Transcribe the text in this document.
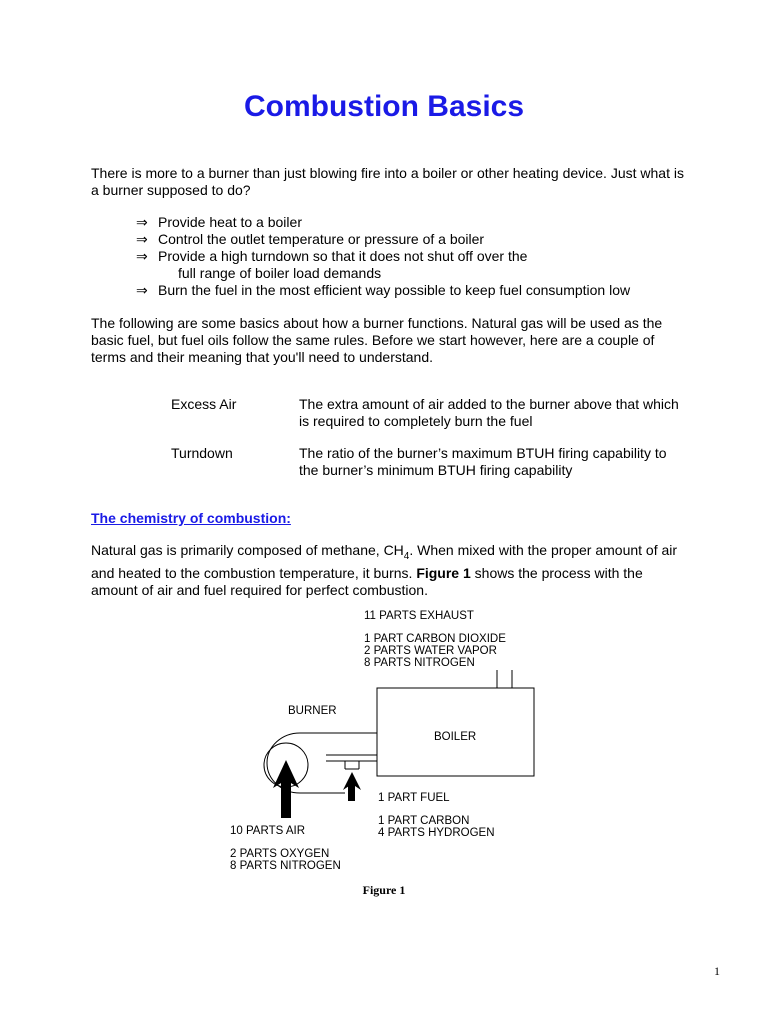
Combustion Basics
There is more to a burner than just blowing fire into a boiler or other heating device. Just what is a burner supposed to do?
⇒ Provide heat to a boiler
⇒ Control the outlet temperature or pressure of a boiler
⇒ Provide a high turndown so that it does not shut off over the
full range of boiler load demands
⇒ Burn the fuel in the most efficient way possible to keep fuel consumption low
The following are some basics about how a burner functions. Natural gas will be used as the basic fuel, but fuel oils follow the same rules. Before we start however, here are a couple of terms and their meaning that you'll need to understand.
Excess Air	The extra amount of air added to the burner above that which is required to completely burn the fuel
Turndown	The ratio of the burner’s maximum BTUH firing capability to the burner’s minimum BTUH firing capability
The chemistry of combustion:
Natural gas is primarily composed of methane, $CH_4$. When mixed with the proper amount of air and heated to the combustion temperature, it burns. Figure 1 shows the process with the amount of air and fuel required for perfect combustion.
11 PARTS EXHAUST
1 PART CARBON DIOXIDE
2 PARTS WATER VAPOR
8 PARTS NITROGEN
BURNER
BOILER
1 PART FUEL
1 PART CARBON
4 PARTS HYDROGEN
10 PARTS AIR
2 PARTS OXYGEN
8 PARTS NITROGEN
Figure 1
1
